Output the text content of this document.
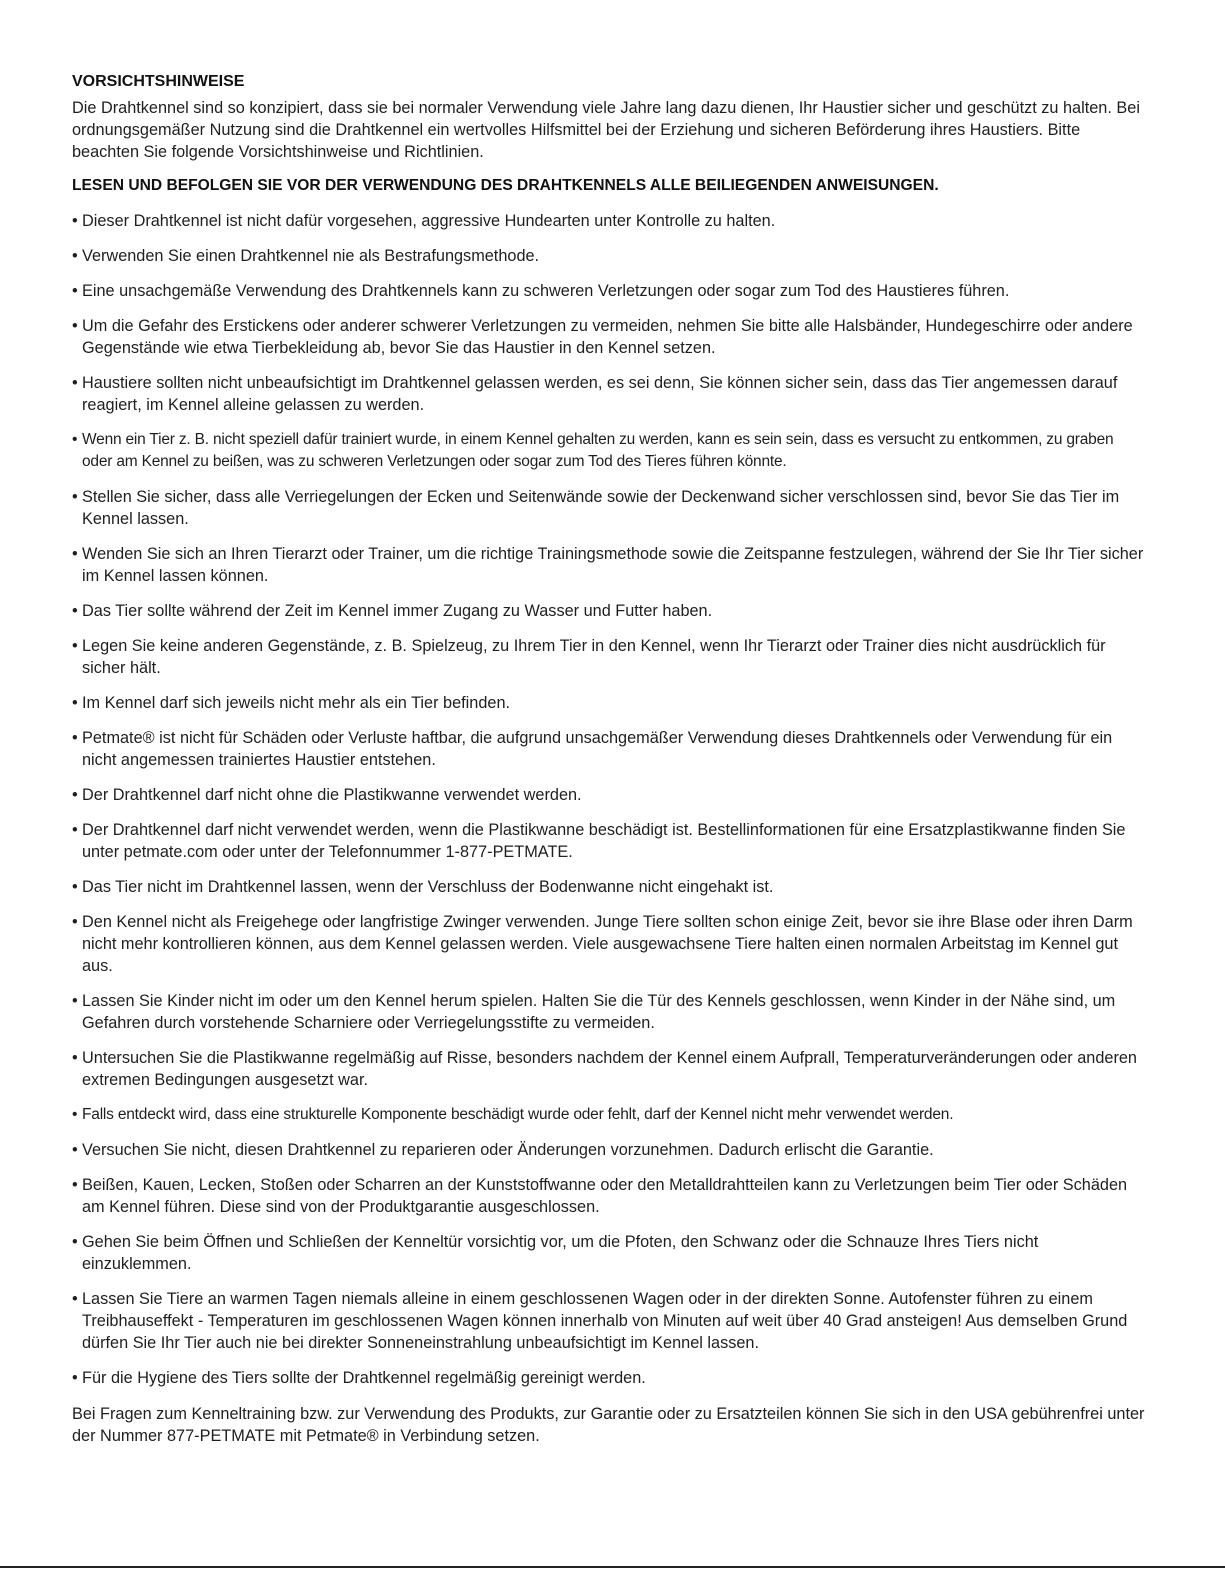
VORSICHTSHINWEISE

Die Drahtkennel sind so konzipiert, dass sie bei normaler Verwendung viele Jahre lang dazu dienen, Ihr Haustier sicher und geschützt zu halten. Bei ordnungsgemäßer Nutzung sind die Drahtkennel ein wertvolles Hilfsmittel bei der Erziehung und sicheren Beförderung ihres Haustiers. Bitte beachten Sie folgende Vorsichtshinweise und Richtlinien.

LESEN UND BEFOLGEN SIE VOR DER VERWENDUNG DES DRAHTKENNELS ALLE BEILIEGENDEN ANWEISUNGEN.
• Dieser Drahtkennel ist nicht dafür vorgesehen, aggressive Hundearten unter Kontrolle zu halten.
• Verwenden Sie einen Drahtkennel nie als Bestrafungsmethode.
• Eine unsachgemäße Verwendung des Drahtkennels kann zu schweren Verletzungen oder sogar zum Tod des Haustieres führen.
• Um die Gefahr des Erstickens oder anderer schwerer Verletzungen zu vermeiden, nehmen Sie bitte alle Halsbänder, Hundegeschirre oder andere Gegenstände wie etwa Tierbekleidung ab, bevor Sie das Haustier in den Kennel setzen.
• Haustiere sollten nicht unbeaufsichtigt im Drahtkennel gelassen werden, es sei denn, Sie können sicher sein, dass das Tier angemessen darauf reagiert, im Kennel alleine gelassen zu werden.
• Wenn ein Tier z. B. nicht speziell dafür trainiert wurde, in einem Kennel gehalten zu werden, kann es sein sein, dass es versucht zu entkommen, zu graben oder am Kennel zu beißen, was zu schweren Verletzungen oder sogar zum Tod des Tieres führen könnte.
• Stellen Sie sicher, dass alle Verriegelungen der Ecken und Seitenwände sowie der Deckenwand sicher verschlossen sind, bevor Sie das Tier im Kennel lassen.
• Wenden Sie sich an Ihren Tierarzt oder Trainer, um die richtige Trainingsmethode sowie die Zeitspanne festzulegen, während der Sie Ihr Tier sicher im Kennel lassen können.
• Das Tier sollte während der Zeit im Kennel immer Zugang zu Wasser und Futter haben.
• Legen Sie keine anderen Gegenstände, z. B. Spielzeug, zu Ihrem Tier in den Kennel, wenn Ihr Tierarzt oder Trainer dies nicht ausdrücklich für sicher hält.
• Im Kennel darf sich jeweils nicht mehr als ein Tier befinden.
• Petmate® ist nicht für Schäden oder Verluste haftbar, die aufgrund unsachgemäßer Verwendung dieses Drahtkennels oder Verwendung für ein nicht angemessen trainiertes Haustier entstehen.
• Der Drahtkennel darf nicht ohne die Plastikwanne verwendet werden.
• Der Drahtkennel darf nicht verwendet werden, wenn die Plastikwanne beschädigt ist. Bestellinformationen für eine Ersatzplastikwanne finden Sie unter petmate.com oder unter der Telefonnummer 1-877-PETMATE.
• Das Tier nicht im Drahtkennel lassen, wenn der Verschluss der Bodenwanne nicht eingehakt ist.
• Den Kennel nicht als Freigehege oder langfristige Zwinger verwenden. Junge Tiere sollten schon einige Zeit, bevor sie ihre Blase oder ihren Darm nicht mehr kontrollieren können, aus dem Kennel gelassen werden. Viele ausgewachsene Tiere halten einen normalen Arbeitstag im Kennel gut aus.
• Lassen Sie Kinder nicht im oder um den Kennel herum spielen. Halten Sie die Tür des Kennels geschlossen, wenn Kinder in der Nähe sind, um Gefahren durch vorstehende Scharniere oder Verriegelungsstifte zu vermeiden.
• Untersuchen Sie die Plastikwanne regelmäßig auf Risse, besonders nachdem der Kennel einem Aufprall, Temperaturveränderungen oder anderen extremen Bedingungen ausgesetzt war.
• Falls entdeckt wird, dass eine strukturelle Komponente beschädigt wurde oder fehlt, darf der Kennel nicht mehr verwendet werden.
• Versuchen Sie nicht, diesen Drahtkennel zu reparieren oder Änderungen vorzunehmen. Dadurch erlischt die Garantie.
• Beißen, Kauen, Lecken, Stoßen oder Scharren an der Kunststoffwanne oder den Metalldrahtteilen kann zu Verletzungen beim Tier oder Schäden am Kennel führen. Diese sind von der Produktgarantie ausgeschlossen.
• Gehen Sie beim Öffnen und Schließen der Kenneltür vorsichtig vor, um die Pfoten, den Schwanz oder die Schnauze Ihres Tiers nicht einzuklemmen.
• Lassen Sie Tiere an warmen Tagen niemals alleine in einem geschlossenen Wagen oder in der direkten Sonne. Autofenster führen zu einem Treibhauseffekt - Temperaturen im geschlossenen Wagen können innerhalb von Minuten auf weit über 40 Grad ansteigen! Aus demselben Grund dürfen Sie Ihr Tier auch nie bei direkter Sonneneinstrahlung unbeaufsichtigt im Kennel lassen.
• Für die Hygiene des Tiers sollte der Drahtkennel regelmäßig gereinigt werden.

Bei Fragen zum Kenneltraining bzw. zur Verwendung des Produkts, zur Garantie oder zu Ersatzteilen können Sie sich in den USA gebührenfrei unter der Nummer 877-PETMATE mit Petmate® in Verbindung setzen.
